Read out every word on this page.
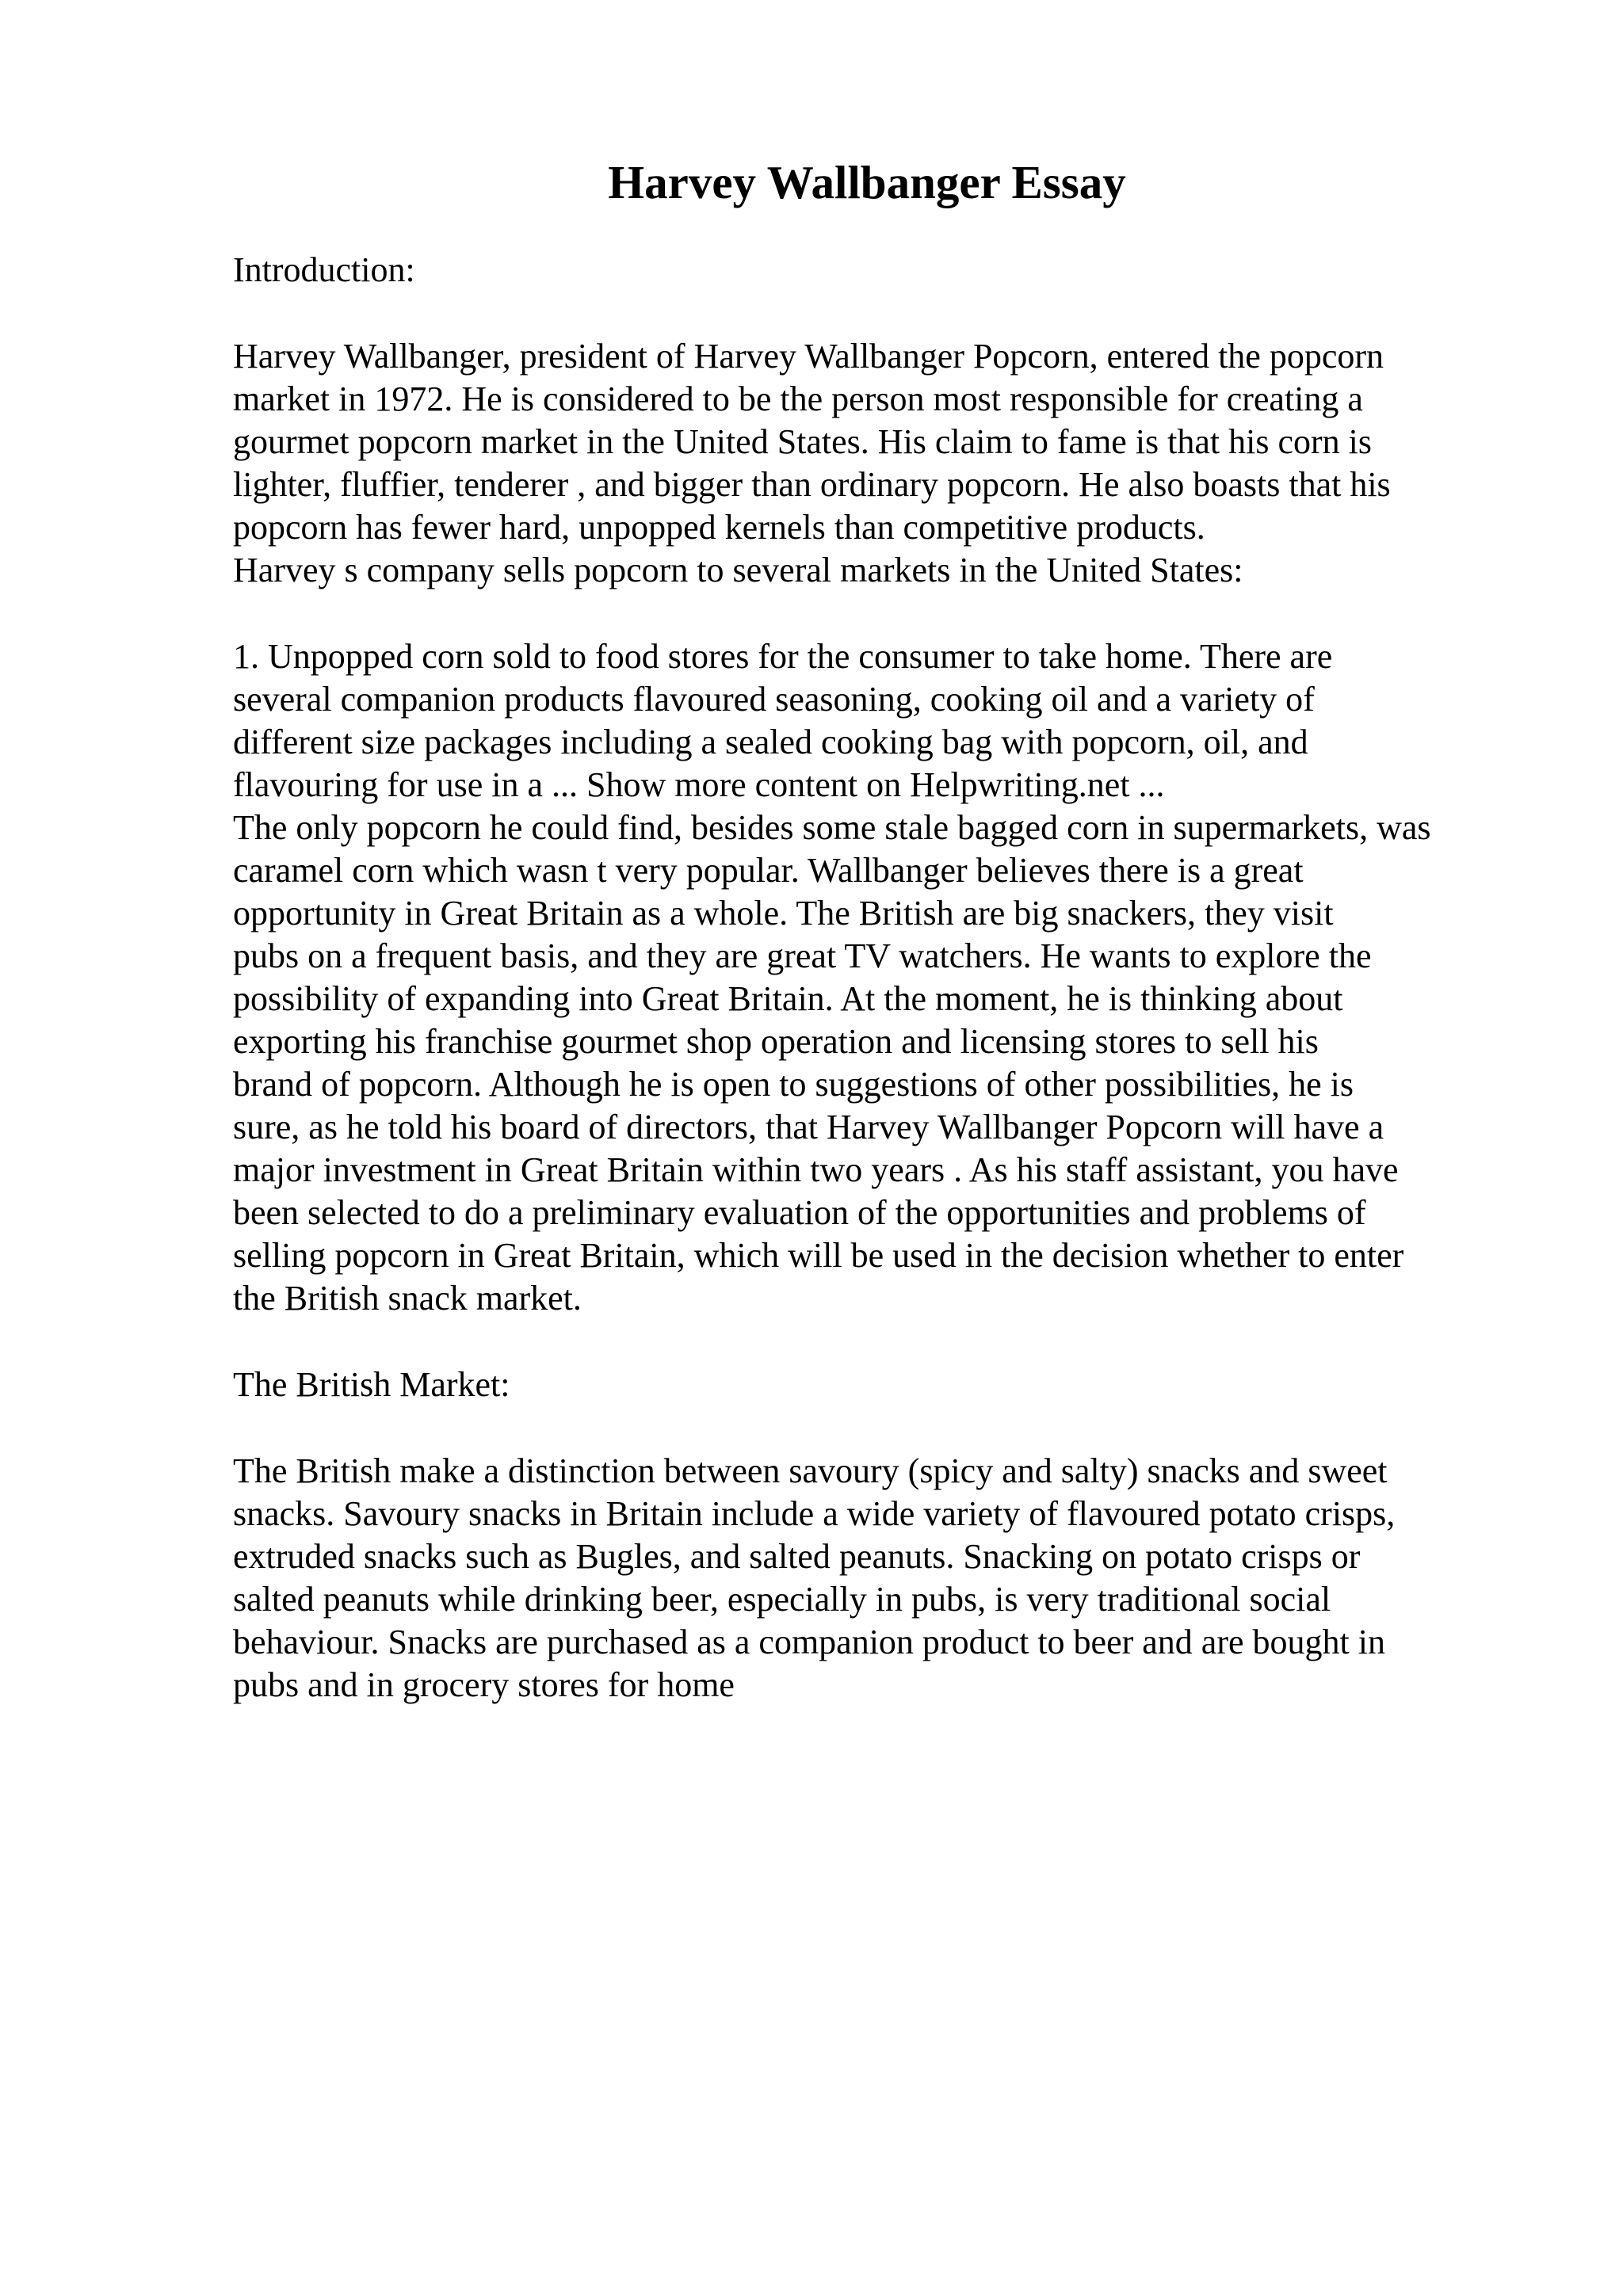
Harvey Wallbanger Essay

Introduction:

Harvey Wallbanger, president of Harvey Wallbanger Popcorn, entered the popcorn

market in 1972. He is considered to be the person most responsible for creating a

gourmet popcorn market in the United States. His claim to fame is that his corn is

lighter, fluffier, tenderer , and bigger than ordinary popcorn. He also boasts that his

popcorn has fewer hard, unpopped kernels than competitive products.

Harvey s company sells popcorn to several markets in the United States:

1. Unpopped corn sold to food stores for the consumer to take home. There are

several companion products flavoured seasoning, cooking oil and a variety of

different size packages including a sealed cooking bag with popcorn, oil, and

flavouring for use in a ... Show more content on Helpwriting.net ...

The only popcorn he could find, besides some stale bagged corn in supermarkets, was

caramel corn which wasn t very popular. Wallbanger believes there is a great

opportunity in Great Britain as a whole. The British are big snackers, they visit

pubs on a frequent basis, and they are great TV watchers. He wants to explore the

possibility of expanding into Great Britain. At the moment, he is thinking about

exporting his franchise gourmet shop operation and licensing stores to sell his

brand of popcorn. Although he is open to suggestions of other possibilities, he is

sure, as he told his board of directors, that Harvey Wallbanger Popcorn will have a

major investment in Great Britain within two years . As his staff assistant, you have

been selected to do a preliminary evaluation of the opportunities and problems of

selling popcorn in Great Britain, which will be used in the decision whether to enter

the British snack market.

The British Market:

The British make a distinction between savoury (spicy and salty) snacks and sweet

snacks. Savoury snacks in Britain include a wide variety of flavoured potato crisps,

extruded snacks such as Bugles, and salted peanuts. Snacking on potato crisps or

salted peanuts while drinking beer, especially in pubs, is very traditional social

behaviour. Snacks are purchased as a companion product to beer and are bought in

pubs and in grocery stores for home
